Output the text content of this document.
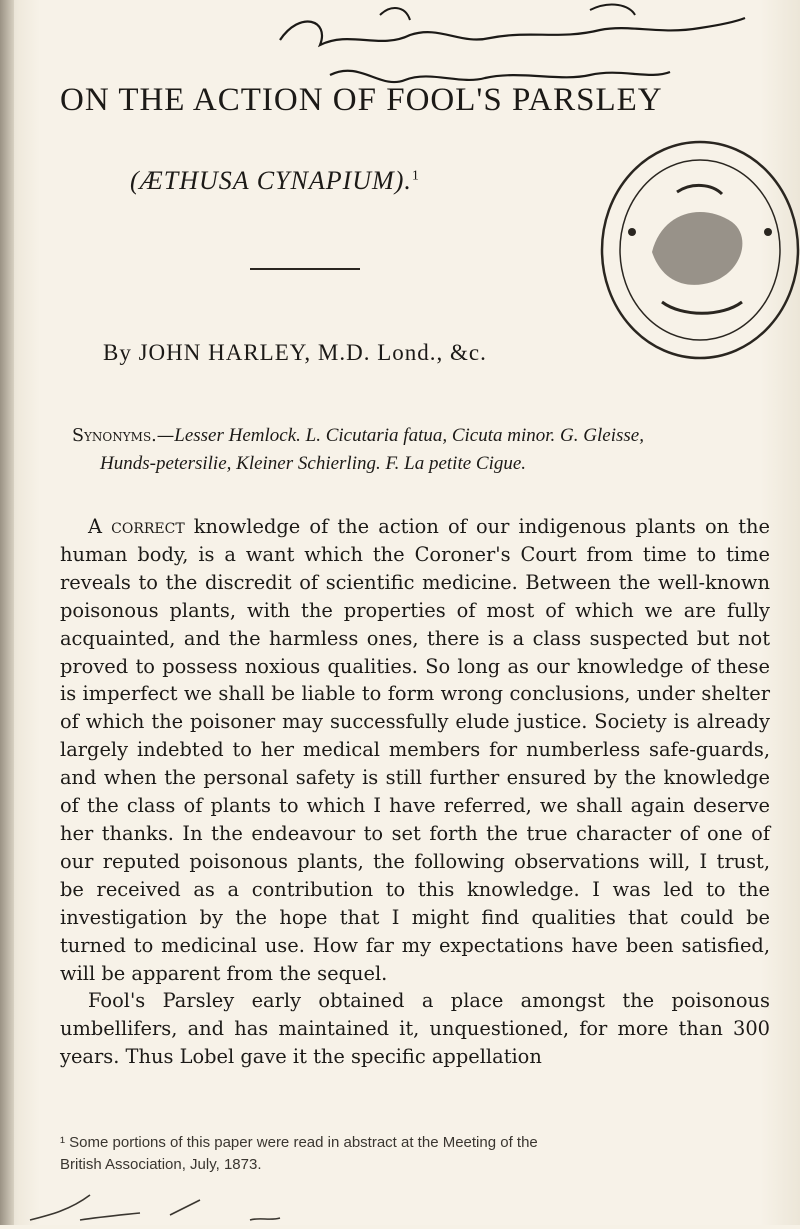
ON THE ACTION OF FOOL'S PARSLEY
(ÆTHUSA CYNAPIUM).$^1$
By JOHN HARLEY, M.D. Lond., &c.
Synonyms.—Lesser Hemlock. L. Cicutaria fatua, Cicuta minor. G. Gleisse,
Hunds-petersilie, Kleiner Schierling. F. La petite Cigue.

A correct knowledge of the action of our indigenous plants on the human body, is a want which the Coroner's Court from time to time reveals to the discredit of scientific medicine. Between the well-known poisonous plants, with the properties of most of which we are fully acquainted, and the harmless ones, there is a class suspected but not proved to possess noxious qualities. So long as our knowledge of these is imperfect we shall be liable to form wrong conclusions, under shelter of which the poisoner may successfully elude justice. Society is already largely indebted to her medical members for numberless safe-guards, and when the personal safety is still further ensured by the knowledge of the class of plants to which I have referred, we shall again deserve her thanks. In the endeavour to set forth the true character of one of our reputed poisonous plants, the following observations will, I trust, be received as a contribution to this knowledge. I was led to the investigation by the hope that I might find qualities that could be turned to medicinal use. How far my expectations have been satisfied, will be apparent from the sequel.

Fool's Parsley early obtained a place amongst the poisonous umbellifers, and has maintained it, unquestioned, for more than 300 years. Thus Lobel gave it the specific appellation

¹ Some portions of this paper were read in abstract at the Meeting of the
British Association, July, 1873.
